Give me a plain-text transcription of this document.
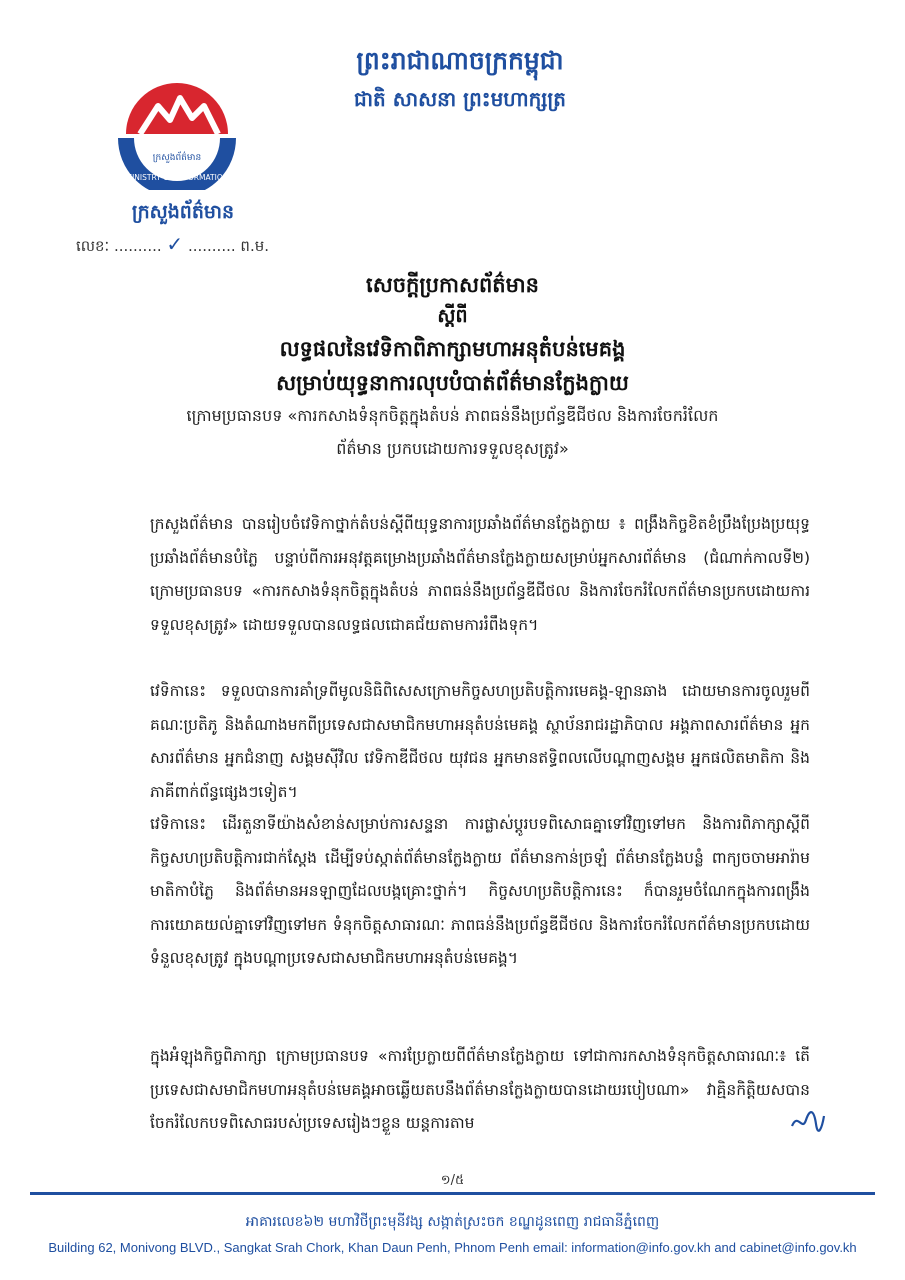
ក្រសួងព័ត៌មាន
MINISTRY OF INFORMATION
ក្រសួងព័ត៌មាន
លេខៈ .......... ✓ .......... ព.ម.
ព្រះរាជាណាចក្រកម្ពុជា
ជាតិ សាសនា ព្រះមហាក្សត្រ
សេចក្ដីប្រកាសព័ត៌មាន
ស្ដីពី
លទ្ធផលនៃវេទិកាពិភាក្សាមហាអនុតំបន់មេគង្គ
សម្រាប់យុទ្ធនាការលុបបំបាត់ព័ត៌មានក្លែងក្លាយ
ក្រោមប្រធានបទ «ការកសាងទំនុកចិត្តក្នុងតំបន់ ភាពធន់នឹងប្រព័ន្ធឌីជីថល និងការចែករំលែក
ព័ត៌មាន ប្រកបដោយការទទួលខុសត្រូវ»
ក្រសួងព័ត៌មាន បានរៀបចំវេទិកាថ្នាក់តំបន់ស្ដីពីយុទ្ធនាការប្រឆាំងព័ត៌មានក្លែងក្លាយ ៖ ពង្រឹងកិច្ចខិតខំប្រឹងប្រែងប្រយុទ្ធប្រឆាំងព័ត៌មានបំភ្លៃ បន្ទាប់ពីការអនុវត្តគម្រោងប្រឆាំងព័ត៌មានក្លែងក្លាយសម្រាប់អ្នកសារព័ត៌មាន (ជំណាក់កាលទី២) ក្រោមប្រធានបទ «ការកសាងទំនុកចិត្តក្នុងតំបន់ ភាពធន់នឹងប្រព័ន្ធឌីជីថល និងការចែករំលែកព័ត៌មានប្រកបដោយការទទួលខុសត្រូវ» ដោយទទួលបានលទ្ធផលជោគជ័យតាមការរំពឹងទុក។
វេទិកានេះ ទទួលបានការគាំទ្រពីមូលនិធិពិសេសក្រោមកិច្ចសហប្រតិបត្តិការមេគង្គ-ឡានឆាង ដោយមានការចូលរួមពីគណៈប្រតិភូ និងតំណាងមកពីប្រទេសជាសមាជិកមហាអនុតំបន់មេគង្គ ស្ថាប័នរាជរដ្ឋាភិបាល អង្គភាពសារព័ត៌មាន អ្នកសារព័ត៌មាន អ្នកជំនាញ សង្គមស៊ីវិល វេទិកាឌីជីថល យុវជន អ្នកមានឥទ្ធិពលលើបណ្ដាញសង្គម អ្នកផលិតមាតិកា និងភាគីពាក់ព័ន្ធផ្សេងៗទៀត។
វេទិកានេះ ដើរតួនាទីយ៉ាងសំខាន់សម្រាប់ការសន្ទនា ការផ្លាស់ប្ដូរបទពិសោធគ្នាទៅវិញទៅមក និងការពិភាក្សាស្ដីពីកិច្ចសហប្រតិបត្តិការជាក់ស្ដែង ដើម្បីទប់ស្កាត់ព័ត៌មានក្លែងក្លាយ ព័ត៌មានកាន់ច្រឡំ ព័ត៌មានក្លែងបន្លំ ពាក្យចចាមអារ៉ាម មាតិកាបំភ្លៃ និងព័ត៌មានអនឡាញដែលបង្កគ្រោះថ្នាក់។ កិច្ចសហប្រតិបត្តិការនេះ ក៏បានរួមចំណែកក្នុងការពង្រឹងការយោគយល់គ្នាទៅវិញទៅមក ទំនុកចិត្តសាធារណៈ ភាពធន់នឹងប្រព័ន្ធឌីជីថល និងការចែករំលែកព័ត៌មានប្រកបដោយទំនួលខុសត្រូវ ក្នុងបណ្ដាប្រទេសជាសមាជិកមហាអនុតំបន់មេគង្គ។
ក្នុងអំឡុងកិច្ចពិភាក្សា ក្រោមប្រធានបទ «ការប្រែក្លាយពីព័ត៌មានក្លែងក្លាយ ទៅជាការកសាងទំនុកចិត្តសាធារណៈ៖ តើប្រទេសជាសមាជិកមហាអនុតំបន់មេគង្គអាចឆ្លើយតបនឹងព័ត៌មានក្លែងក្លាយបានដោយរបៀបណា» វាគ្មិនកិត្តិយសបានចែករំលែកបទពិសោធរបស់ប្រទេសរៀងៗខ្លួន យន្តការតាម
១/៥
អាគារលេខ៦២ មហាវិថីព្រះមុនីវង្ស សង្កាត់ស្រះចក ខណ្ឌដូនពេញ រាជធានីភ្នំពេញ
Building 62, Monivong BLVD., Sangkat Srah Chork, Khan Daun Penh, Phnom Penh email: information@info.gov.kh and cabinet@info.gov.kh
